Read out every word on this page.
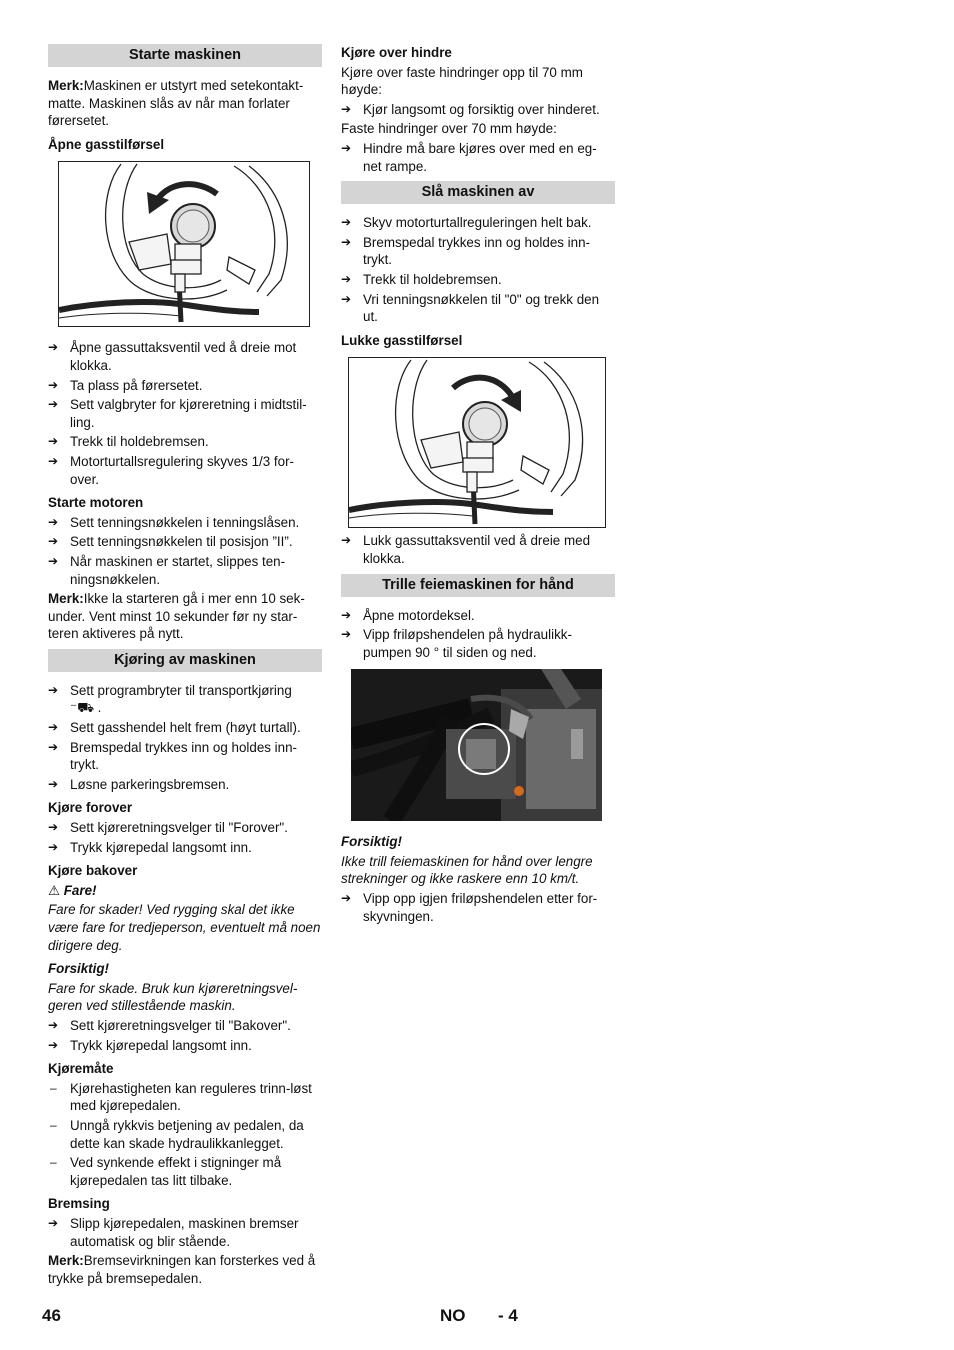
Starte maskinen

Merk:Maskinen er utstyrt med setekontakt-matte. Maskinen slås av når man forlater førersetet.

Åpne gasstilførsel
➔ Åpne gassuttaksventil ved å dreie mot klokka.
➔ Ta plass på førersetet.
➔ Sett valgbryter for kjøreretning i midtstil-ling.
➔ Trekk til holdebremsen.
➔ Motorturtallsregulering skyves 1/3 for-over.
Starte motoren
➔ Sett tenningsnøkkelen i tenningslåsen.
➔ Sett tenningsnøkkelen til posisjon ”II”.
➔ Når maskinen er startet, slippes ten-ningsnøkkelen.

Merk:Ikke la starteren gå i mer enn 10 sek-under. Vent minst 10 sekunder før ny star-teren aktiveres på nytt.

Kjøring av maskinen
➔ Sett programbryter til transportkjøring
⁻⛟ .
➔ Sett gasshendel helt frem (høyt turtall).
➔ Bremspedal trykkes inn og holdes inn-trykt.
➔ Løsne parkeringsbremsen.
Kjøre forover
➔ Sett kjøreretningsvelger til "Forover".
➔ Trykk kjørepedal langsomt inn.
Kjøre bakover
⚠ Fare!

Fare for skader! Ved rygging skal det ikke være fare for tredjeperson, eventuelt må noen dirigere deg.

Forsiktig!

Fare for skade. Bruk kun kjøreretningsvel-geren ved stillestående maskin.

➔ Sett kjøreretningsvelger til "Bakover".
➔ Trykk kjørepedal langsomt inn.
Kjøremåte
– Kjørehastigheten kan reguleres trinn-løst med kjørepedalen.
– Unngå rykkvis betjening av pedalen, da dette kan skade hydraulikkanlegget.
– Ved synkende effekt i stigninger må kjørepedalen tas litt tilbake.
Bremsing
➔ Slipp kjørepedalen, maskinen bremser automatisk og blir stående.

Merk:Bremsevirkningen kan forsterkes ved å trykke på bremsepedalen.

Kjøre over hindre

Kjøre over faste hindringer opp til 70 mm høyde:

➔ Kjør langsomt og forsiktig over hinderet.

Faste hindringer over 70 mm høyde:

➔ Hindre må bare kjøres over med en eg-net rampe.
Slå maskinen av
➔ Skyv motorturtallreguleringen helt bak.
➔ Bremspedal trykkes inn og holdes inn-trykt.
➔ Trekk til holdebremsen.
➔ Vri tenningsnøkkelen til "0" og trekk den ut.
Lukke gasstilførsel
➔ Lukk gassuttaksventil ved å dreie med klokka.
Trille feiemaskinen for hånd
➔ Åpne motordeksel.
➔ Vipp friløpshendelen på hydraulikk-pumpen 90 ° til siden og ned.
Forsiktig!

Ikke trill feiemaskinen for hånd over lengre strekninger og ikke raskere enn 10 km/t.

➔ Vipp opp igjen friløpshendelen etter for-skyvningen.
46	NO - 4
